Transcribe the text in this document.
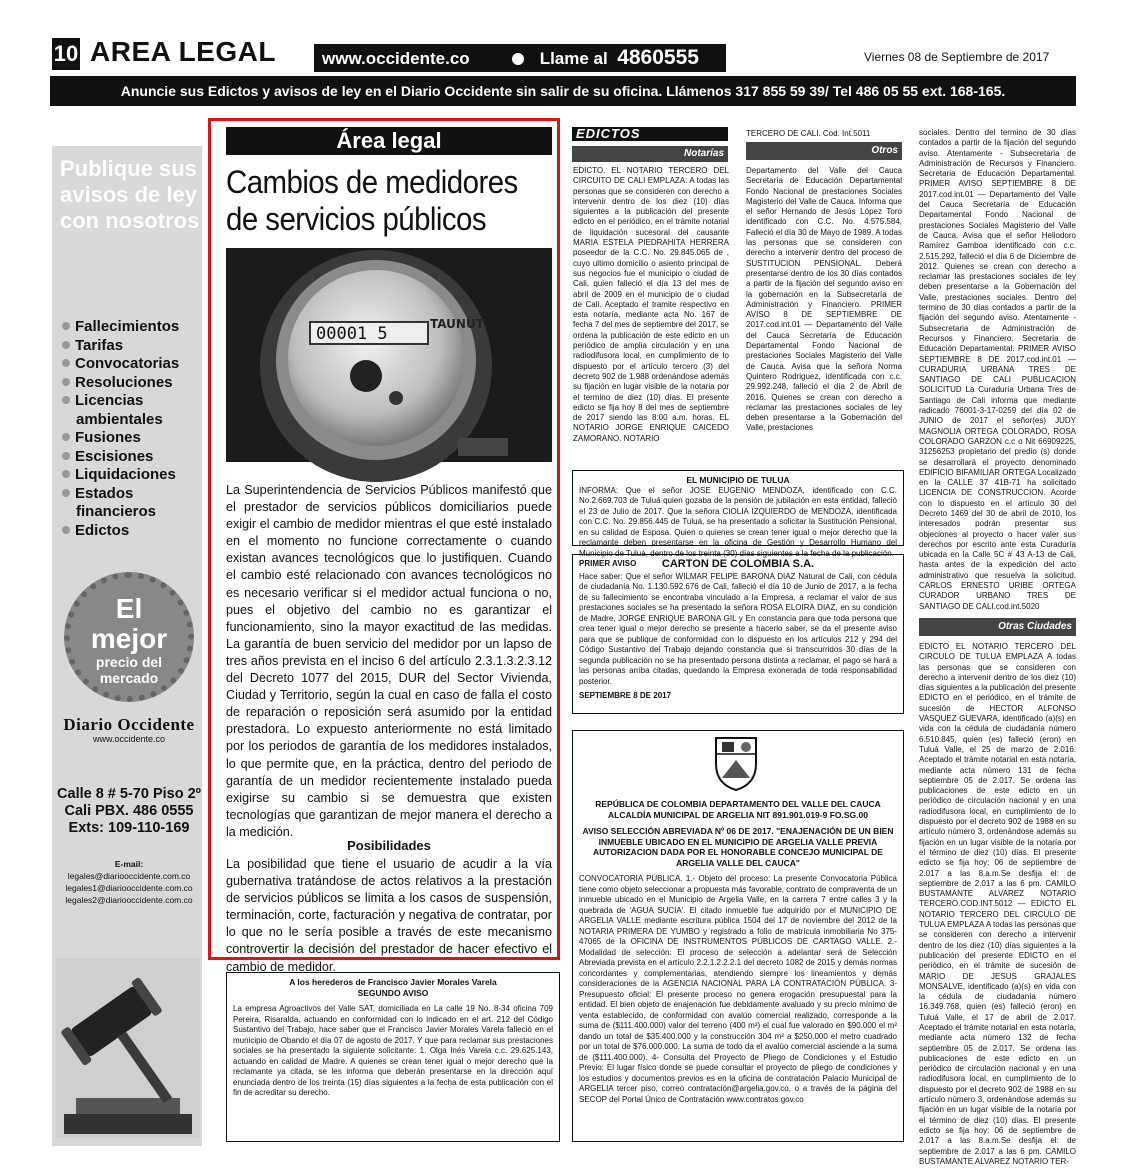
10 AREA LEGAL	www.occidente.co	Llame al 4860555	Viernes 08 de Septiembre de 2017
Anuncie sus Edictos y avisos de ley en el Diario Occidente sin salir de su oficina. Llámenos 317 855 59 39/ Tel 486 05 55 ext. 168-165.
Publique sus avisos de ley con nosotros
Fallecimientos
Tarifas
Convocatorias
Resoluciones
Licencias
ambientales
Fusiones
Escisiones
Liquidaciones
Estados
financieros
Edictos
El
mejor
precio del mercado
Diario Occidente
www.occidente.co
Calle 8 # 5-70 Piso 2º Cali PBX. 486 0555 Exts: 109-110-169
E-mail:
legales@diariooccidente.com.co
legales1@diariooccidente.com.co
legales2@diariooccidente.com.co
Área legal
Cambios de medidores de servicios públicos
00001 5	TAUNUT
La Superintendencia de Servicios Públicos manifestó que el prestador de servicios públicos domiciliarios puede exigir el cambio de medidor mientras el que esté instalado en el momento no funcione correctamente o cuando existan avances tecnológicos que lo justifiquen. Cuando el cambio esté relacionado con avances tecnológicos no es necesario verificar si el medidor actual funciona o no, pues el objetivo del cambio no es garantizar el funcionamiento, sino la mayor exactitud de las medidas. La garantía de buen servicio del medidor por un lapso de tres años prevista en el inciso 6 del artículo 2.3.1.3.2.3.12 del Decreto 1077 del 2015, DUR del Sector Vivienda, Ciudad y Territorio, según la cual en caso de falla el costo de reparación o reposición será asumido por la entidad prestadora. Lo expuesto anteriormente no está limitado por los periodos de garantía de los medidores instalados, lo que permite que, en la práctica, dentro del periodo de garantía de un medidor recientemente instalado pueda exigirse su cambio si se demuestra que existen tecnologías que garantizan de mejor manera el derecho a la medición.
Posibilidades
La posibilidad que tiene el usuario de acudir a la vía gubernativa tratándose de actos relativos a la prestación de servicios públicos se limita a los casos de suspensión, terminación, corte, facturación y negativa de contratar, por lo que no le sería posible a través de este mecanismo controvertir la decisión del prestador de hacer efectivo el cambio de medidor.
EDICTOS
Notarías
EDICTO. EL NOTARIO TERCERO DEL CIRCUITO DE CALI EMPLAZA: A todas las personas que se consideren con derecho a intervenir dentro de los diez (10) días siguientes a la publicación del presente edicto en el periódico, en el trámite notarial de liquidación sucesoral del causante MARIA ESTELA PIEDRAHITA HERRERA poseedor de la C.C. No. 29.845.065 de , cuyo ultimo domicilio o asiento principal de sus negocios fue el municipio o ciudad de Cali, quien falleció el día 13 del mes de abril de 2009 en el municipio de o ciudad de Cali. Aceptado el tramite respectivo en esta notaría, mediante acta No. 167 de fecha 7 del mes de septiembre del 2017, se ordena la publicación de este edicto en un periódico de amplia circulación y en una radiodifusora local, en cumplimiento de lo dispuesto por el artículo tercero (3) del decreto 902 de 1.988 ordenándose además su fijación en lugar visible de la notaria por el termino de diez (10) días. El presente edicto se fija hoy 8 del mes de septiembre de 2017 siendo las 8:00 a.m. horas. EL NOTARIO JORGE ENRIQUE CAICEDO ZAMORANO. NOTARIO
TERCERO DE CALI. Cod. Int.5011
Otros
Departamento del Valle del Cauca Secretaría de Educación Departamental Fondo Nacional de prestaciones Sociales Magisterio del Valle de Cauca. Informa que el señor Hernando de Jesús López Toro identificado con C.C. No. 4.575.584, Falleció el día 30 de Mayo de 1989. A todas las personas que se consideren con derecho a intervenir dentro del proceso de SUSTITUCION PENSIONAL. Deberá presentarse dentro de los 30 días contados a partir de la fijación del segundo aviso en la gobernación en la Subsecretaría de Administración y Financiero. PRIMER AVISO 8 DE SEPTIEMBRE DE 2017.cod.int.01 — Departamento del Valle del Cauca Secretaría de Educación Departamental Fondo Nacional de prestaciones Sociales Magisterio del Valle de Cauca. Avisa que la señora Norma Quintero Rodriguez, identificada con c.c. 29.992.248, falleció el día 2 de Abril de 2016. Quienes se crean con derecho a reclamar las prestaciones sociales de ley deben presentarse a la Gobernación del Valle, prestaciones
sociales. Dentro del termino de 30 días contados a partir de la fijación del segundo aviso. Atentamente - Subsecretaria de Administración de Recursos y Financiero. Secretaria de Educación Departamental. PRIMER AVISO SEPTIEMBRE 8 DE 2017.cod.int.01 — Departamento del Valle del Cauca Secretaría de Educación Departamental Fondo Nacional de prestaciones Sociales Magisterio del Valle de Cauca. Avisa que el señor Heliodoro Ramírez Gamboa identificado con c.c. 2.515.292, falleció el día 6 de Diciembre de 2012. Quienes se crean con derecho a reclamar las prestaciones sociales de ley deben presentarse a la Gobernación del Valle, prestaciones sociales. Dentro del termino de 30 días contados a partir de la fijación del segundo aviso. Atentamente - Subsecretaria de Administración de Recursos y Financiero. Secretaria de Educación Departamental. PRIMER AVISO SEPTIEMBRE 8 DE 2017.cod.int.01 — CURADURIA URBANA TRES DE SANTIAGO DE CALI PUBLICACION SOLICITUD La Curaduría Urbana Tres de Santiago de Cali informa que mediante radicado 76001-3-17-0259 del día 02 de JUNIO de 2017 el señor(es) JUDY MAGNOLIA ORTEGA COLORADO, ROSA COLORADO GARZON c.c o Nit 66909225, 31256253 propietario del predio (s) donde se desarrollará el proyecto denominado EDIFICIO BIFAMILIAR ORTEGA Localizado en la CALLE 37 41B-71 ha solicitado LICENCIA DE CONSTRUCCION. Acorde con lo dispuesto en el artículo 30 del Decreto 1469 del 30 de abril de 2010, los interesados podrán presentar sus objeciones al proyecto o hacer valer sus derechos por escrito ante esta Curaduría ubicada en la Calle 5C # 43 A-13 de Cali, hasta antes de la expedición del acto administrativo que resuelva la solicitud. CARLOS ERNESTO URIBE ORTEGA CURADOR URBANO TRES DE SANTIAGO DE CALI.cod.int.5020
Otras Ciudades
EDICTO EL NOTARIO TERCERO DEL CIRCULO DE TULUA EMPLAZA A todas las personas que se consideren con derecho a intervenir dentro de los diez (10) días siguientes a la publicación del presente EDICTO en el periódico, en el trámite de sucesión de HECTOR ALFONSO VASQUEZ GUEVARA, identificado (a)(s) en vida con la cédula de ciudadanía número 6.510.845, quien (es) falleció (eron) en Tuluá Valle, el 25 de marzo de 2.016. Aceptado el trámite notarial en esta notaría, mediante acta número 131 de fecha septiembre 05 de 2.017. Se ordena las publicaciones de este edicto en un periódico de circulación nacional y en una radiodifusora local, en cumplimiento de lo dispuesto por el decreto 902 de 1988 en su artículo número 3, ordenándose además su fijación en un lugar visible de la notaría por el término de diez (10) días. El presente edicto se fija hoy: 06 de septiembre de 2.017 a las 8.a.m.Se desfija el: de septiembre de 2.017 a las 6 pm. CAMILO BUSTAMANTE ALVAREZ NOTARIO TERCERO.COD.INT.5012 — EDICTO EL NOTARIO TERCERO DEL CIRCULO DE TULUA EMPLAZA A todas las personas que se consideren con derecho a intervenir dentro de los diez (10) días siguientes a la publicación del presente EDICTO en el periódico, en el trámite de sucesión de MARIO DE JESUS GRAJALES MONSALVE, identificado (a)(s) en vida con la cédula de ciudadanía número 16.349.768, quien (es) falleció (eron) en Tuluá Valle, el 17 de abril de 2.017. Aceptado el trámite notarial en esta notaría, mediante acta número 132 de fecha septiembre 05 de 2.017. Se ordena las publicaciones de este edicto en un periódico de circulación nacional y en una radiodifusora local, en cumplimiento de lo dispuesto por el decreto 902 de 1988 en su artículo número 3, ordenándose además su fijación en un lugar visible de la notaría por el término de diez (10) días. El presente edicto se fija hoy: 06 de septiembre de 2.017 a las 8.a.m.Se desfija el: de septiembre de 2.017 a las 6 pm. CAMILO BUSTAMANTE ALVAREZ NOTARIO TER-
EL MUNICIPIO DE TULUA
INFORMA: Que el señor JOSE EUGENIO MENDOZA, identificado con C.C. No.2.669.703 de Tuluá quien gozaba de la pensión de jubilación en esta entidad, falleció el 23 de Julio de 2017. Que la señora CIOLIA IZQUIERDO de MENDOZA, identificada con C.C. No. 29.856.445 de Tuluá, se ha presentado a solicitar la Sustitución Pensional, en su calidad de Esposa. Quien o quienes se crean tener igual o mejor derecho que la reclamante deben presentarse en la oficina de Gestión y Desarrollo Humano del Municipio de Tuluá, dentro de los treinta (30) días siguientes a la fecha de la publicación.
PRIMER AVISO	CARTON DE COLOMBIA S.A.
Hace saber: Que el señor WILMAR FELIPE BARONA DIAZ Natural de Cali, con cédula de ciudadanía No. 1.130.592.676 de Cali, falleció el día 10 de Junio de 2017, a la fecha de su fallecimiento se encontraba vinculado a la Empresa, a reclamar el valor de sus prestaciones sociales se ha presentado la señora ROSA ELOIRA DIAZ, en su condición de Madre, JORGE ENRIQUE BARONA GIL y En constancia para que toda persona que crea tener igual o mejor derecho se presente a hacerlo saber, se da el presente aviso para que se publique de conformidad con lo dispuesto en los artículos 212 y 294 del Código Sustantivo del Trabajo dejando constancia que si transcurridos 30 días de la segunda publicación no se ha presentado persona distinta a reclamar, el pago se hará a las personas arriba citadas, quedando la Empresa exonerada de toda responsabilidad posterior.
SEPTIEMBRE 8 DE 2017
REPÚBLICA DE COLOMBIA DEPARTAMENTO DEL VALLE DEL CAUCA ALCALDÍA MUNICIPAL DE ARGELIA NIT 891.901.019-9 FO.SG.00
AVISO SELECCIÓN ABREVIADA Nº 06 DE 2017. "ENAJENACIÓN DE UN BIEN INMUEBLE UBICADO EN EL MUNICIPIO DE ARGELIA VALLE PREVIA AUTORIZACION DADA POR EL HONORABLE CONCEJO MUNICIPAL DE ARGELIA VALLE DEL CAUCA"
CONVOCATORIA PÚBLICA. 1.- Objeto del proceso: La presente Convocatoria Pública tiene como objeto seleccionar a propuesta más favorable, contrato de compraventa de un inmueble ubicado en el Municipio de Argelia Valle, en la carrera 7 entre calles 3 y la quebrada de 'AGUA SUCIA'. El citado inmueble fue adquirido por el MUNICIPIO DE ARGELIA VALLE mediante escritura pública 1504 del 17 de noviembre del 2012 de la NOTARIA PRIMERA DE YUMBO y registrado a folio de matrícula inmobiliaria No 375-47065 de la OFICINA DE INSTRUMENTOS PÚBLICOS DE CARTAGO VALLE. 2.- Modalidad de selección: El proceso de selección a adelantar será de Selección Abreviada prevista en el artículo 2.2.1.2.2.2.1 del decreto 1082 de 2015 y demás normas concordantes y complementarias, atendiendo siempre los lineamientos y demás consideraciones de la AGENCIA NACIONAL PARA LA CONTRATACIÓN PÚBLICA. 3- Presupuesto oficial: El presente proceso no genera erogación presupuestal para la entidad. El bien objeto de enajenación fue debidamente avaluado y su precio mínimo de venta establecido, de conformidad con avalúo comercial realizado, corresponde a la suma de ($111.400.000) valor del terreno (400 m²) el cual fue valorado en $90.000 el m² dando un total de $35.400.000 y la construcción 304 m² a $250.000 el metro cuadrado por un total de $76.000.000. La suma de todo da el avalúo comercial asciende a la suma de ($111.400.000). 4- Consulta del Proyecto de Pliego de Condiciones y el Estudio Previo: El lugar físico donde se puede consultar el proyecto de pliego de condiciones y los estudios y documentos previos es en la oficina de contratación Palacio Municipal de ARGELIA tercer piso, correo contratación@argelia.gov.co, o a través de la página del SECOP del Portal Único de Contratación www.contratos.gov.co
A los herederos de Francisco Javier Morales Varela
SEGUNDO AVISO
La empresa Agroactivos del Valle SAT, domiciliada en La calle 19 No. 8-34 oficina 709 Pereira, Risaralda, actuando en conformidad con lo indicado en el art. 212 del Código Sustantivo del Trabajo, hace saber que el Francisco Javier Morales Varela falleció en el municipio de Obando el día 07 de agosto de 2017. Y que para reclamar sus prestaciones sociales se ha presentado la siguiente solicitante: 1. Olga Inés Varela c.c. 29.625.143, actuando en calidad de Madre. A quienes se crean tener igual o mejor derecho que la reclamante ya citada, se les informa que deberán presentarse en la dirección aquí enunciada dentro de los treinta (15) días siguientes a la fecha de esta publicación con el fin de acreditar su derecho.
